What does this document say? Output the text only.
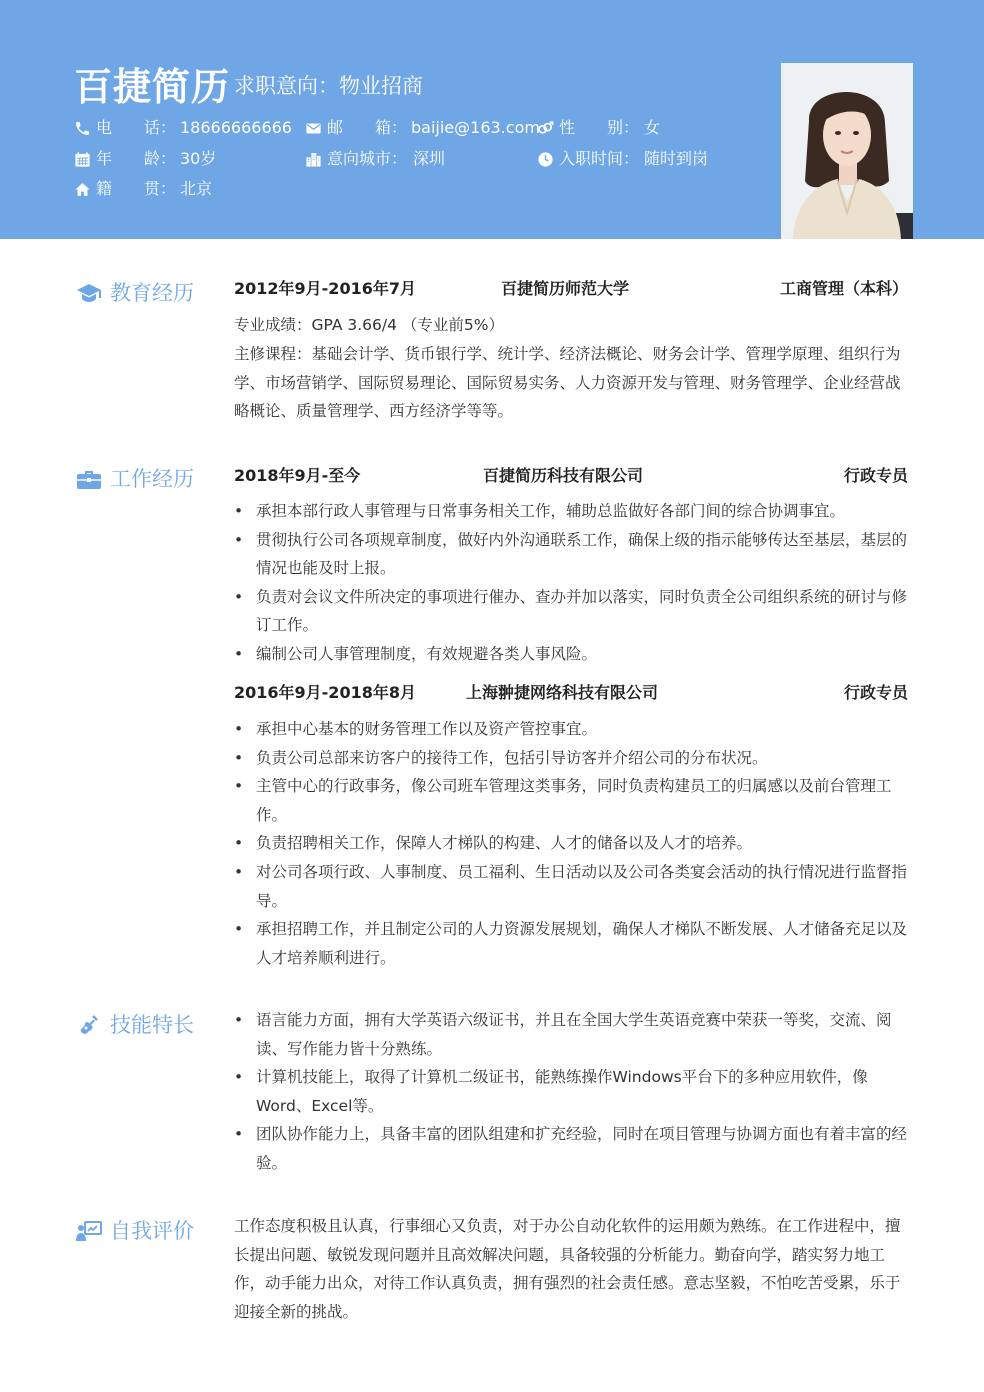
百捷简历 求职意向：物业招商
电　　话： 18666666666 邮　　箱： baijie@163.com 性　　别： 女
年　　龄： 30岁	意向城市： 深圳	入职时间： 随时到岗
籍　　贯： 北京
教育经历	2012年9月-2016年7月	百捷简历师范大学	工商管理（本科）

专业成绩：GPA 3.66/4 （专业前5%）

主修课程：基础会计学、货币银行学、统计学、经济法概论、财务会计学、管理学原理、组织行为学、市场营销学、国际贸易理论、国际贸易实务、人力资源开发与管理、财务管理学、企业经营战略概论、质量管理学、西方经济学等等。

工作经历	2018年9月-至今	百捷简历科技有限公司	行政专员
• 承担本部行政人事管理与日常事务相关工作，辅助总监做好各部门间的综合协调事宜。
• 贯彻执行公司各项规章制度，做好内外沟通联系工作，确保上级的指示能够传达至基层，基层的情况也能及时上报。
• 负责对会议文件所决定的事项进行催办、查办并加以落实，同时负责全公司组织系统的研讨与修订工作。
• 编制公司人事管理制度，有效规避各类人事风险。
2016年9月-2018年8月	上海翀捷网络科技有限公司	行政专员
• 承担中心基本的财务管理工作以及资产管控事宜。
• 负责公司总部来访客户的接待工作，包括引导访客并介绍公司的分布状况。
• 主管中心的行政事务，像公司班车管理这类事务，同时负责构建员工的归属感以及前台管理工作。
• 负责招聘相关工作，保障人才梯队的构建、人才的储备以及人才的培养。
• 对公司各项行政、人事制度、员工福利、生日活动以及公司各类宴会活动的执行情况进行监督指导。
• 承担招聘工作，并且制定公司的人力资源发展规划，确保人才梯队不断发展、人才储备充足以及人才培养顺利进行。
技能特长
•	语言能力方面，拥有大学英语六级证书，并且在全国大学生英语竞赛中荣获一等奖，交流、阅读、写作能力皆十分熟练。
• 计算机技能上，取得了计算机二级证书，能熟练操作Windows平台下的多种应用软件，像Word、Excel等。
• 团队协作能力上，具备丰富的团队组建和扩充经验，同时在项目管理与协调方面也有着丰富的经验。
自我评价	工作态度积极且认真，行事细心又负责，对于办公自动化软件的运用颇为熟练。在工作进程中，擅长提出问题、敏锐发现问题并且高效解决问题，具备较强的分析能力。勤奋向学，踏实努力地工作，动手能力出众，对待工作认真负责，拥有强烈的社会责任感。意志坚毅，不怕吃苦受累，乐于迎接全新的挑战。
